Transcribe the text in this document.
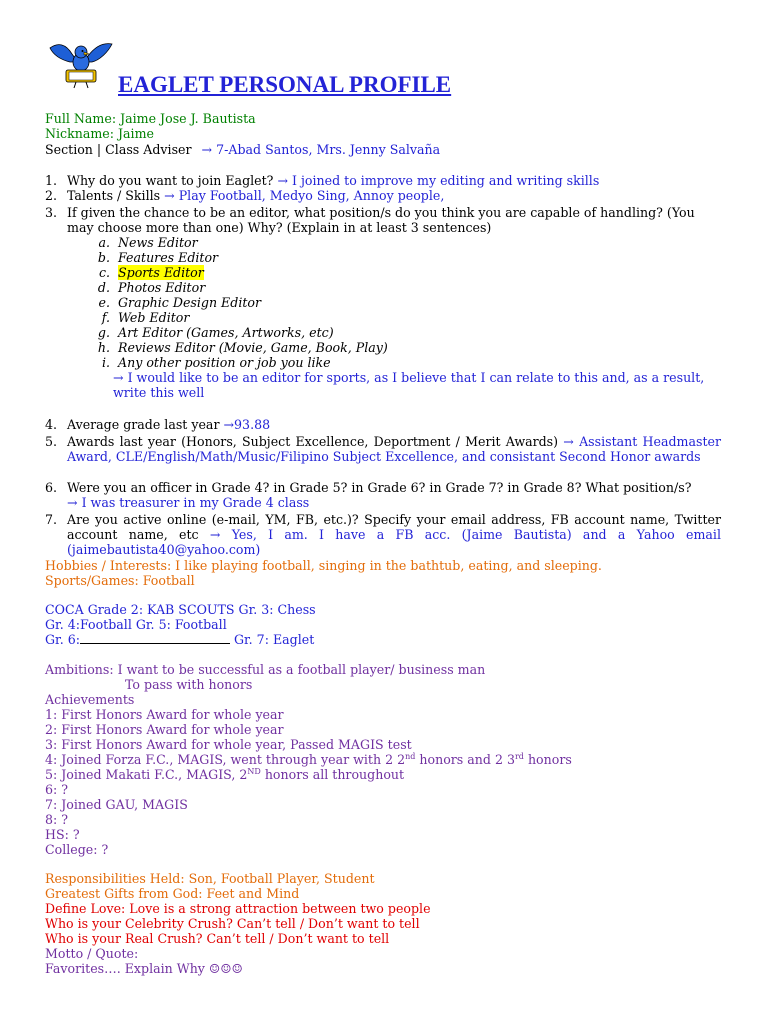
EAGLET PERSONAL PROFILE
Full Name: Jaime Jose J. Bautista
Nickname: Jaime
Section | Class Adviser → 7-Abad Santos, Mrs. Jenny Salvaña
1. Why do you want to join Eaglet? → I joined to improve my editing and writing skills
2. Talents / Skills → Play Football, Medyo Sing, Annoy people,
3. If given the chance to be an editor, what position/s do you think you are capable of handling? (You may choose more than one) Why? (Explain in at least 3 sentences)
a. News Editor
b. Features Editor
c. Sports Editor
d. Photos Editor
e. Graphic Design Editor
f. Web Editor
g. Art Editor (Games, Artworks, etc)
h. Reviews Editor (Movie, Game, Book, Play)
i. Any other position or job you like
→ I would like to be an editor for sports, as I believe that I can relate to this and, as a result, write this well
4. Average grade last year →93.88
5. Awards last year (Honors, Subject Excellence, Deportment / Merit Awards) → Assistant Headmaster Award, CLE/English/Math/Music/Filipino Subject Excellence, and consistant Second Honor awards
6. Were you an officer in Grade 4? in Grade 5? in Grade 6? in Grade 7? in Grade 8? What position/s?
→ I was treasurer in my Grade 4 class
7. Are you active online (e-mail, YM, FB, etc.)? Specify your email address, FB account name, Twitter account name, etc → Yes, I am. I have a FB acc. (Jaime Bautista) and a Yahoo email (jaimebautista40@yahoo.com)
Hobbies / Interests: I like playing football, singing in the bathtub, eating, and sleeping.
Sports/Games: Football
COCA Grade 2: KAB SCOUTS Gr. 3: Chess
Gr. 4:Football Gr. 5: Football
Gr. 6:	Gr. 7: Eaglet
Ambitions: I want to be successful as a football player/ business man
To pass with honors
Achievements
1: First Honors Award for whole year
2: First Honors Award for whole year
3: First Honors Award for whole year, Passed MAGIS test
4: Joined Forza F.C., MAGIS, went through year with 2 2nd honors and 2 3rd honors
5: Joined Makati F.C., MAGIS, 2ND honors all throughout
6: ?
7: Joined GAU, MAGIS
8: ?
HS: ?
College: ?
Responsibilities Held: Son, Football Player, Student
Greatest Gifts from God: Feet and Mind
Define Love: Love is a strong attraction between two people
Who is your Celebrity Crush? Can’t tell / Don’t want to tell
Who is your Real Crush? Can’t tell / Don’t want to tell
Motto / Quote:
Favorites…. Explain Why ☺☺☺
